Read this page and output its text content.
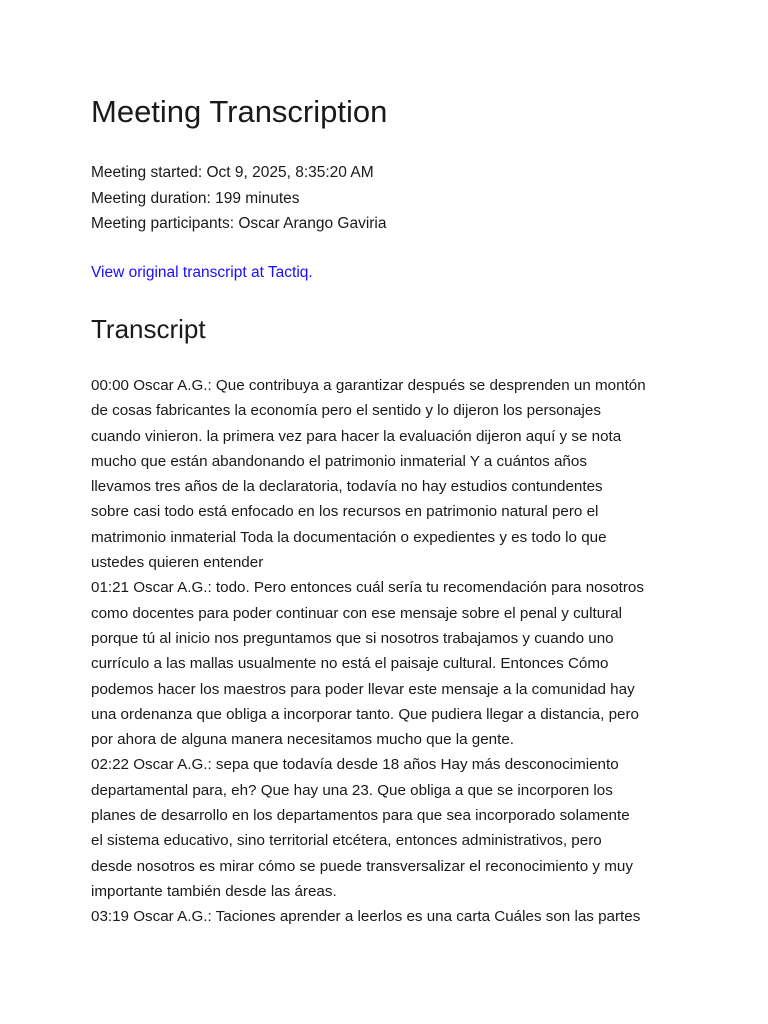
Meeting Transcription
Meeting started: Oct 9, 2025, 8:35:20 AM
Meeting duration: 199 minutes
Meeting participants: Oscar Arango Gaviria
View original transcript at Tactiq.
Transcript
00:00 Oscar A.G.: Que contribuya a garantizar después se desprenden un montón
de cosas fabricantes la economía pero el sentido y lo dijeron los personajes
cuando vinieron. la primera vez para hacer la evaluación dijeron aquí y se nota
mucho que están abandonando el patrimonio inmaterial Y a cuántos años
llevamos tres años de la declaratoria, todavía no hay estudios contundentes
sobre casi todo está enfocado en los recursos en patrimonio natural pero el
matrimonio inmaterial Toda la documentación o expedientes y es todo lo que
ustedes quieren entender
01:21 Oscar A.G.: todo. Pero entonces cuál sería tu recomendación para nosotros
como docentes para poder continuar con ese mensaje sobre el penal y cultural
porque tú al inicio nos preguntamos que si nosotros trabajamos y cuando uno
currículo a las mallas usualmente no está el paisaje cultural. Entonces Cómo
podemos hacer los maestros para poder llevar este mensaje a la comunidad hay
una ordenanza que obliga a incorporar tanto. Que pudiera llegar a distancia, pero
por ahora de alguna manera necesitamos mucho que la gente.
02:22 Oscar A.G.: sepa que todavía desde 18 años Hay más desconocimiento
departamental para, eh? Que hay una 23. Que obliga a que se incorporen los
planes de desarrollo en los departamentos para que sea incorporado solamente
el sistema educativo, sino territorial etcétera, entonces administrativos, pero
desde nosotros es mirar cómo se puede transversalizar el reconocimiento y muy
importante también desde las áreas.
03:19 Oscar A.G.: Taciones aprender a leerlos es una carta Cuáles son las partes
